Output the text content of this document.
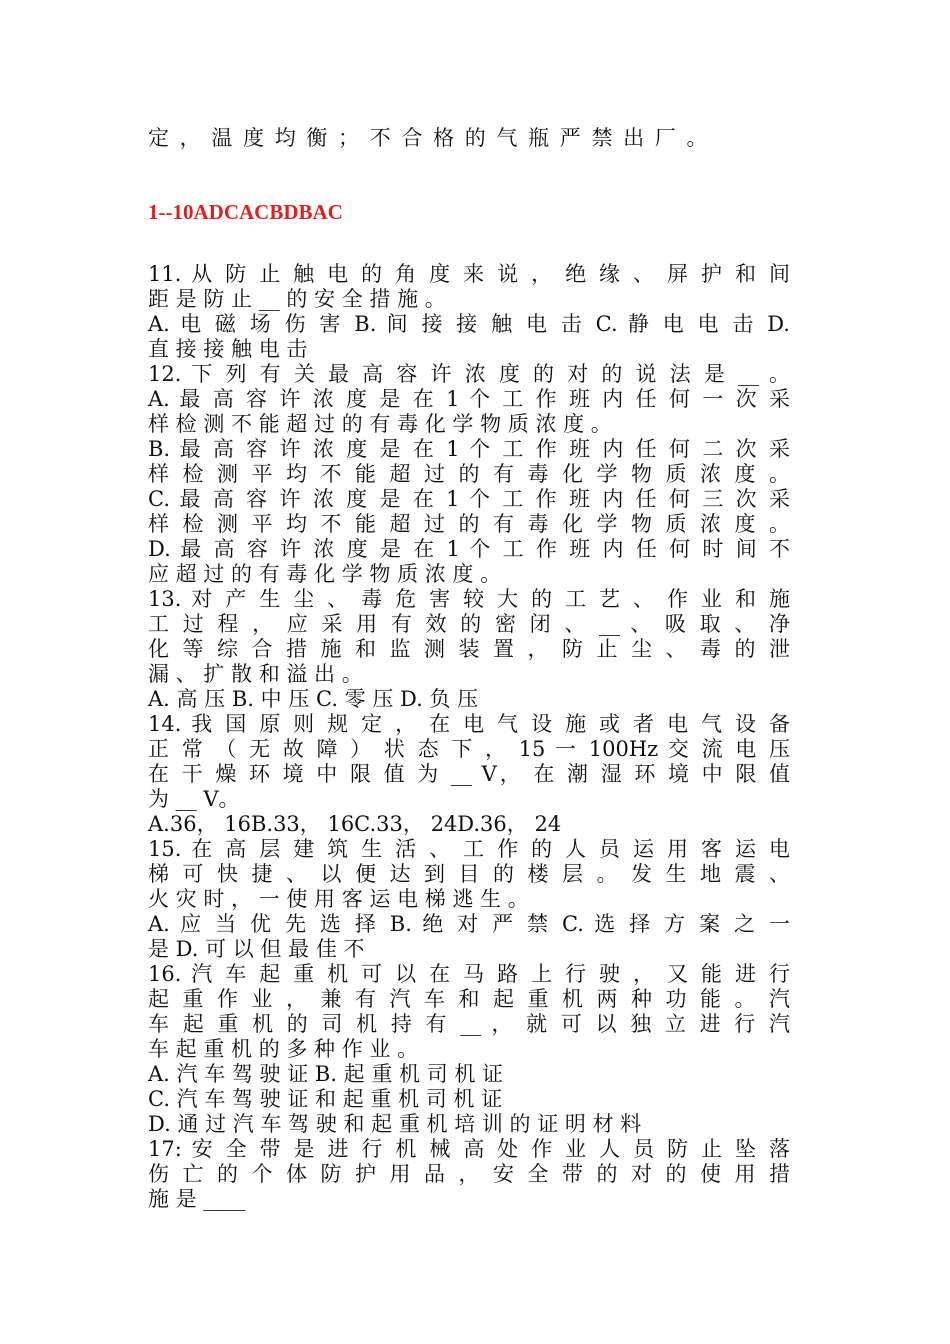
定 ， 温 度 均 衡 ； 不 合 格 的 气 瓶 严 禁 出 厂 。
1--10ADCACBDBAC
11. 从 防 止 触 电 的 角 度 来 说 ， 绝 缘 、 屏 护 和 间
距 是 防 止 __ 的 安 全 措 施 。
A. 电 磁 场 伤 害 B. 间 接 接 触 电 击 C. 静 电 电 击 D.
直 接 接 触 电 击
12. 下 列 有 关 最 高 容 许 浓 度 的 对 的 说 法 是 __ 。
A. 最 高 容 许 浓 度 是 在 1 个 工 作 班 内 任 何 一 次 采
样 检 测 不 能 超 过 的 有 毒 化 学 物 质 浓 度 。
B. 最 高 容 许 浓 度 是 在 1 个 工 作 班 内 任 何 二 次 采
样 检 测 平 均 不 能 超 过 的 有 毒 化 学 物 质 浓 度 。
C. 最 高 容 许 浓 度 是 在 1 个 工 作 班 内 任 何 三 次 采
样 检 测 平 均 不 能 超 过 的 有 毒 化 学 物 质 浓 度 。
D. 最 高 容 许 浓 度 是 在 1 个 工 作 班 内 任 何 时 间 不
应 超 过 的 有 毒 化 学 物 质 浓 度 。
13. 对 产 生 尘 、 毒 危 害 较 大 的 工 艺 、 作 业 和 施
工 过 程 ， 应 采 用 有 效 的 密 闭 、 __ 、 吸 取 、 净
化 等 综 合 措 施 和 监 测 装 置 ， 防 止 尘 、 毒 的 泄
漏 、 扩 散 和 溢 出 。
A. 高 压 B. 中 压 C. 零 压 D. 负 压
14. 我 国 原 则 规 定 ， 在 电 气 设 施 或 者 电 气 设 备
正 常 （ 无 故 障 ） 状 态 下 ， 15 一 100Hz 交 流 电 压
在 干 燥 环 境 中 限 值 为 __ V， 在 潮 湿 环 境 中 限 值
为 __ V。
A.36， 16B.33， 16C.33， 24D.36， 24
15. 在 高 层 建 筑 生 活 、 工 作 的 人 员 运 用 客 运 电
梯 可 快 捷 、 以 便 达 到 目 的 楼 层 。 发 生 地 震 、
火 灾 时 ， 一 使 用 客 运 电 梯 逃 生 。
A. 应 当 优 先 选 择 B. 绝 对 严 禁 C. 选 择 方 案 之 一
是 D. 可 以 但 最 佳 不
16. 汽 车 起 重 机 可 以 在 马 路 上 行 驶 ， 又 能 进 行
起 重 作 业 ， 兼 有 汽 车 和 起 重 机 两 种 功 能 。 汽
车 起 重 机 的 司 机 持 有 __ ， 就 可 以 独 立 进 行 汽
车 起 重 机 的 多 种 作 业 。
A. 汽 车 驾 驶 证 B. 起 重 机 司 机 证
C. 汽 车 驾 驶 证 和 起 重 机 司 机 证
D. 通 过 汽 车 驾 驶 和 起 重 机 培 训 的 证 明 材 料
17: 安 全 带 是 进 行 机 械 高 处 作 业 人 员 防 止 坠 落
伤 亡 的 个 体 防 护 用 品 ， 安 全 带 的 对 的 使 用 措
施 是 ____
